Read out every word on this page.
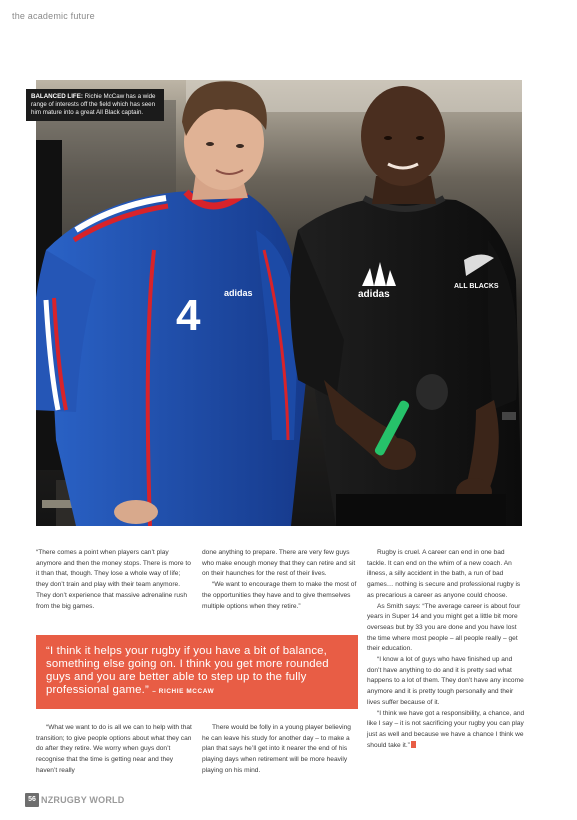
the academic future
4	adidas	adidas
ALL BLACKS
BALANCED LIFE: Richie McCaw has a wide range of interests off the field which has seen him mature into a great All Black captain.

“There comes a point when players can’t play anymore and then the money stops. There is more to it than that, though. They lose a whole way of life; they don’t train and play with their team anymore. They don’t experience that massive adrenaline rush from the big games.

done anything to prepare. There are very few guys who make enough money that they can retire and sit on their haunches for the rest of their lives.

“We want to encourage them to make the most of the opportunities they have and to give themselves multiple options when they retire.”

Rugby is cruel. A career can end in one bad tackle. It can end on the whim of a new coach. An illness, a silly accident in the bath, a run of bad games… nothing is secure and professional rugby is as precarious a career as anyone could choose.

As Smith says: “The average career is about four years in Super 14 and you might get a little bit more overseas but by 33 you are done and you have lost the time where most people – all people really – get their education.

“I know a lot of guys who have finished up and don’t have anything to do and it is pretty sad what happens to a lot of them. They don’t have any income anymore and it is pretty tough personally and their lives suffer because of it.

“I think we have got a responsibility, a chance, and like I say – it is not sacrificing your rugby you can play just as well and because we have a chance I think we should take it.”

“I think it helps your rugby if you have a bit of balance, something else going on. I think you get more rounded guys and you are better able to step up to the fully professional game.” – RICHIE MCCAW

“What we want to do is all we can to help with that transition; to give people options about what they can do after they retire. We worry when guys don’t recognise that the time is getting near and they haven’t really

There would be folly in a young player believing he can leave his study for another day – to make a plan that says he’ll get into it nearer the end of his playing days when retirement will be more heavily playing on his mind.

56 NZRUGBY WORLD
